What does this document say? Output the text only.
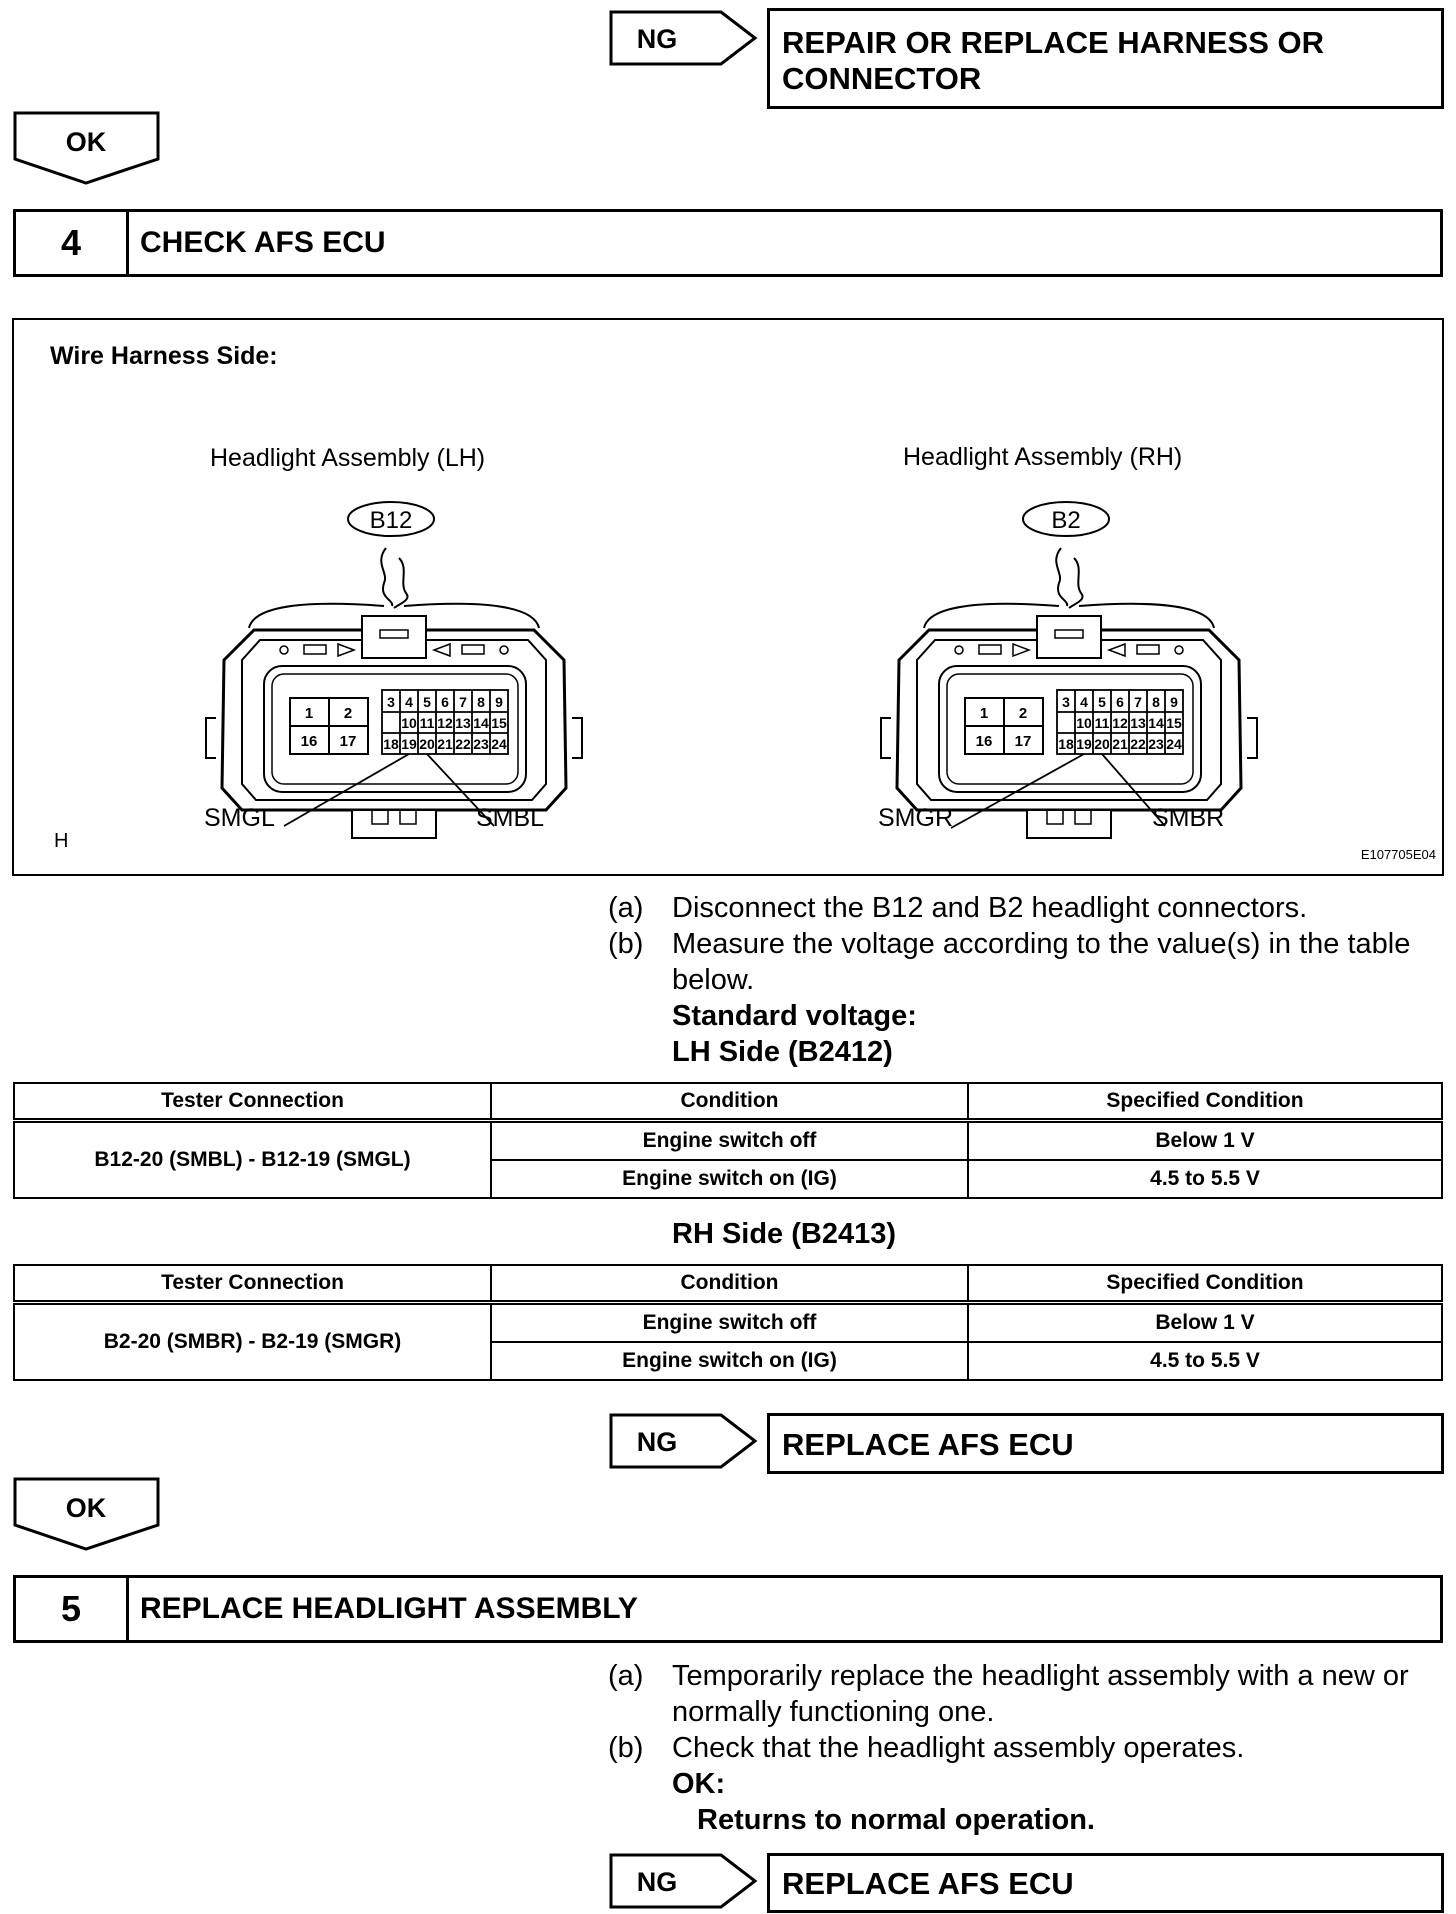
NG	REPAIR OR REPLACE HARNESS OR CONNECTOR
OK
4	CHECK AFS ECU
Wire Harness Side:
Headlight Assembly (LH)	Headlight Assembly (RH)
H
E107705E04
B12
1 2
16 17
3 4 5 6 7 8 9
10 11 12 13 14 15
18 19 20 21 22 23 24
SMGL	SMBL
B2
1 2
16 17
3 4 5 6 7 8 9
10 11 12 13 14 15
18 19 20 21 22 23 24
SMGR	SMBR
(a) Disconnect the B12 and B2 headlight connectors.
(b) Measure the voltage according to the value(s) in the table below.
Standard voltage:
LH Side (B2412)
Tester Connection	Condition	Specified Condition
B12-20 (SMBL) - B12-19 (SMGL)	Engine switch off	Below 1 V
	Engine switch on (IG)	4.5 to 5.5 V
RH Side (B2413)
Tester Connection	Condition	Specified Condition
B2-20 (SMBR) - B2-19 (SMGR)	Engine switch off	Below 1 V
	Engine switch on (IG)	4.5 to 5.5 V
NG	REPLACE AFS ECU
OK
5	REPLACE HEADLIGHT ASSEMBLY
(a) Temporarily replace the headlight assembly with a new or normally functioning one.
(b) Check that the headlight assembly operates.
OK:
Returns to normal operation.
NG	REPLACE AFS ECU
